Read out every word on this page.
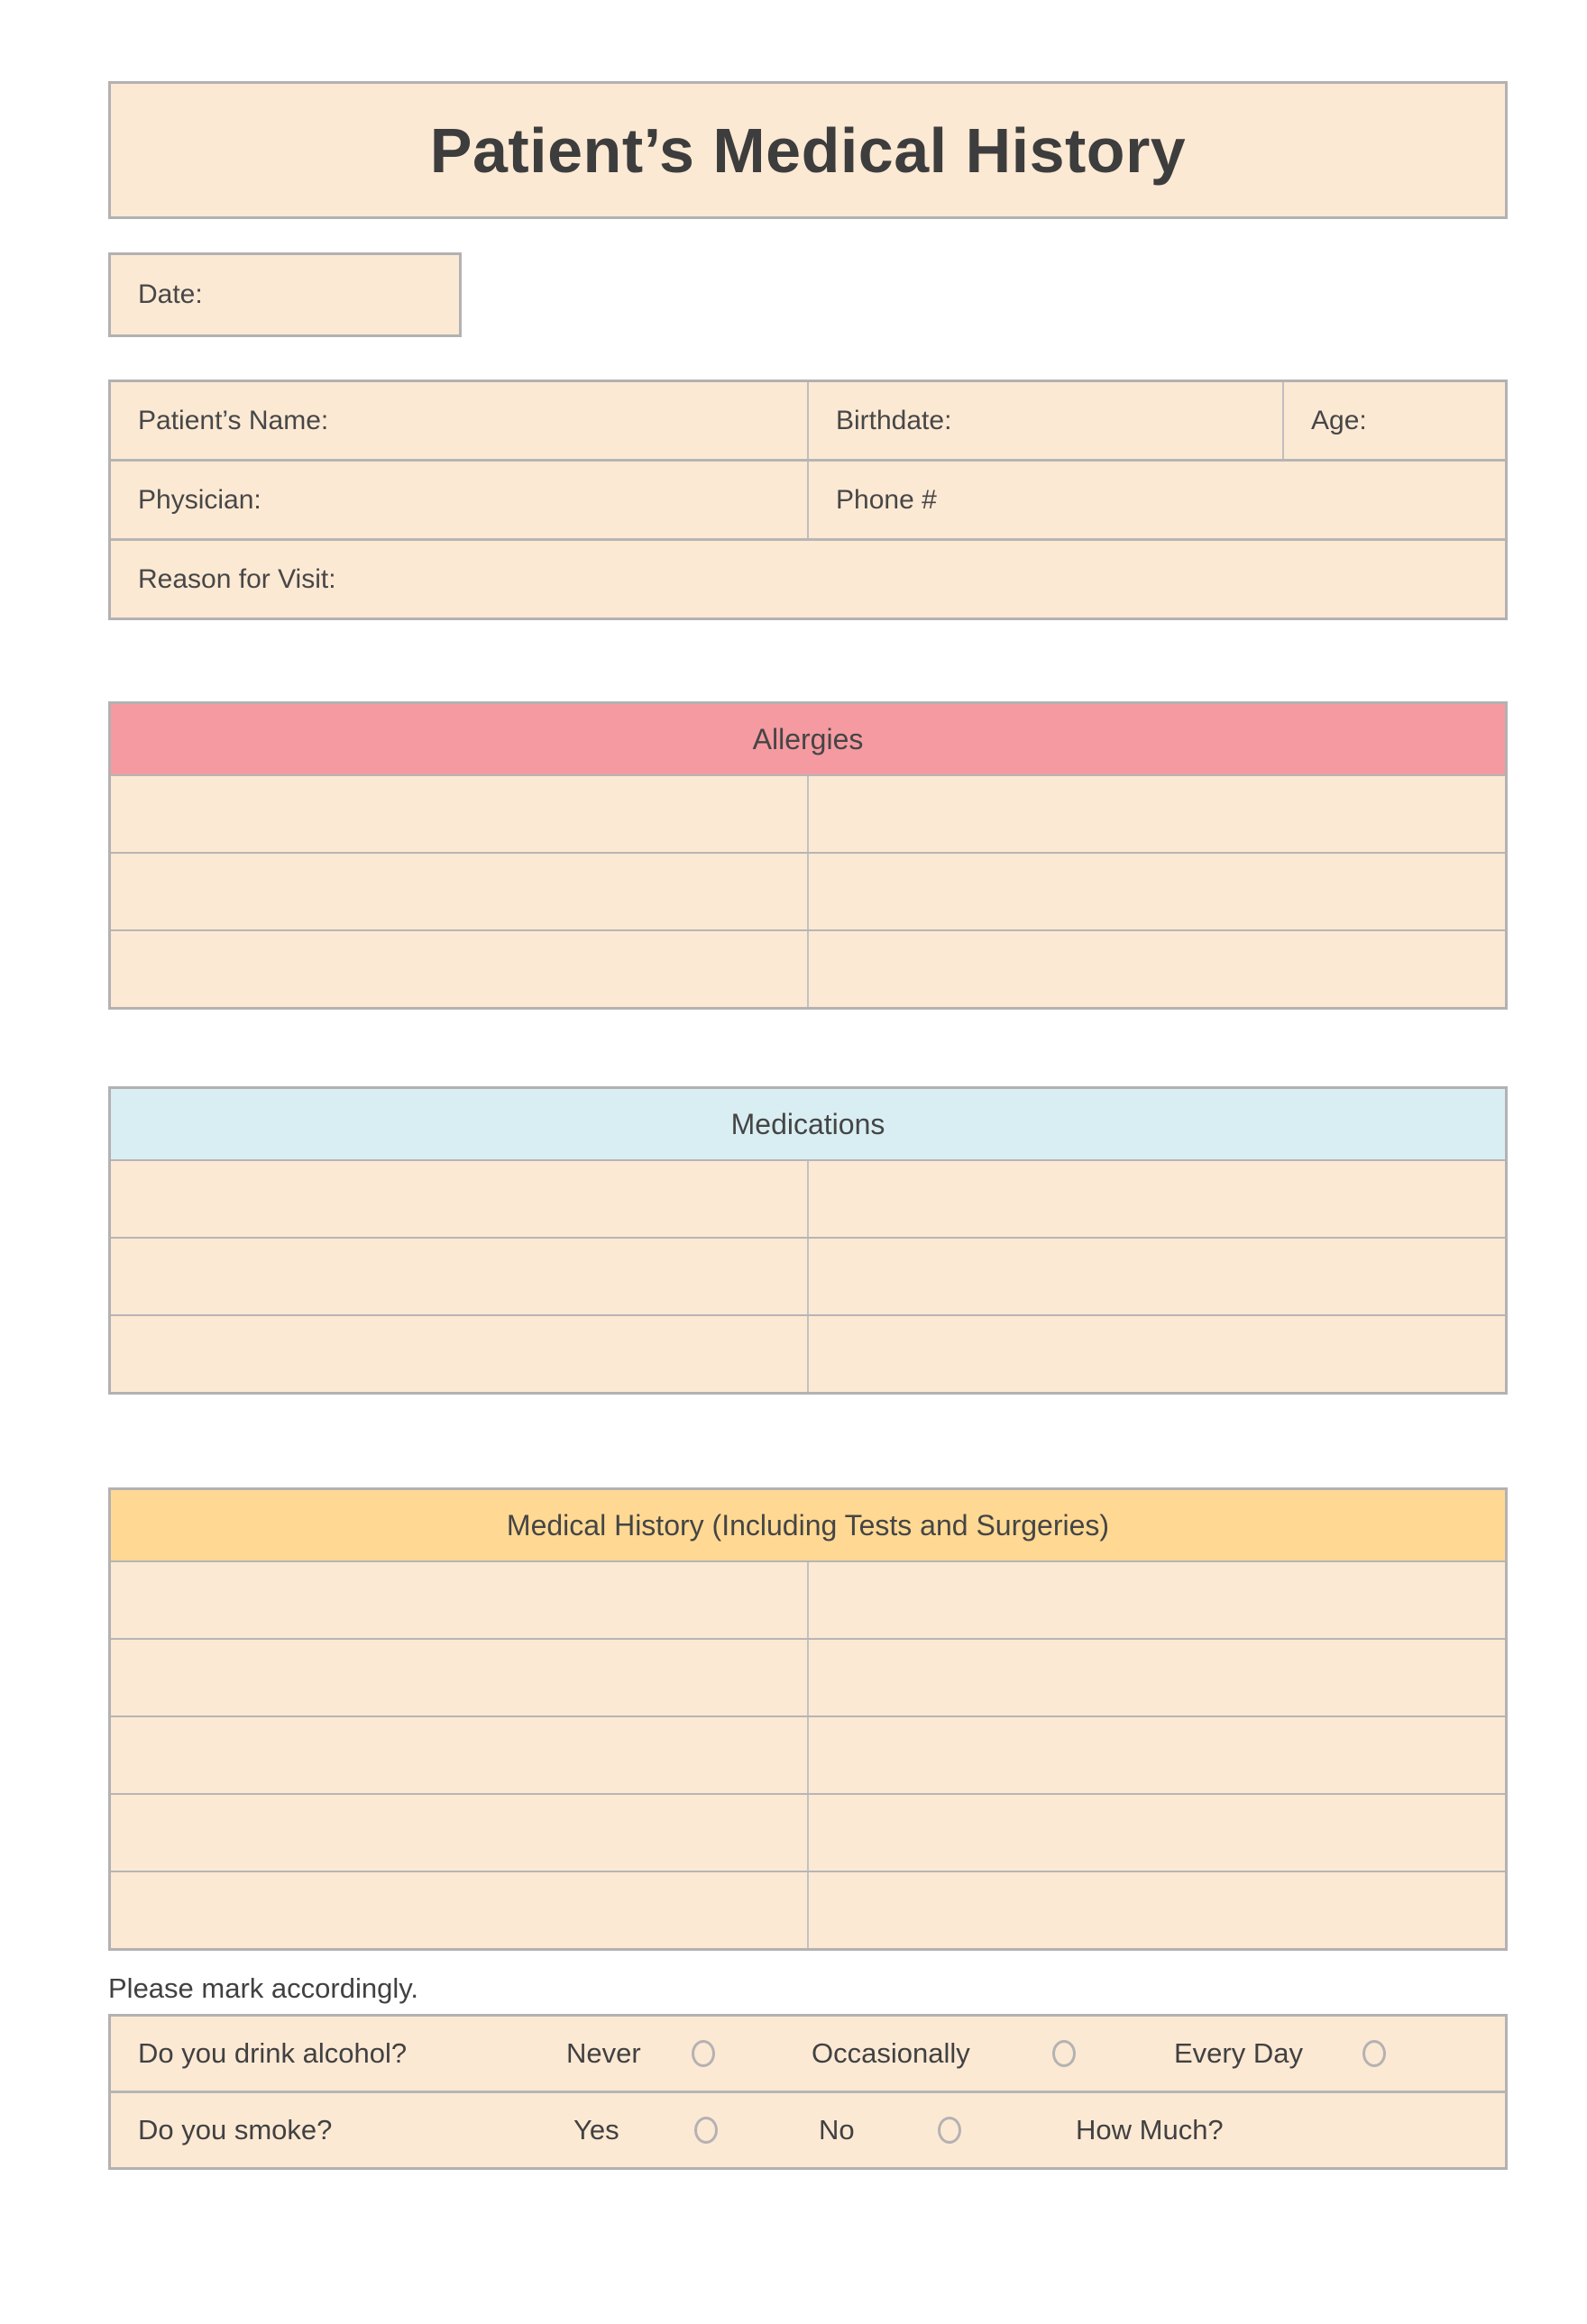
Patient’s Medical History
Date:
Patient’s Name:	Birthdate:	Age:
Physician:	Phone #
Reason for Visit:
Allergies
Medications
Medical History (Including Tests and Surgeries)
Please mark accordingly.
Do you drink alcohol?	Never	Occasionally	Every Day
Do you smoke?	Yes	No	How Much?
